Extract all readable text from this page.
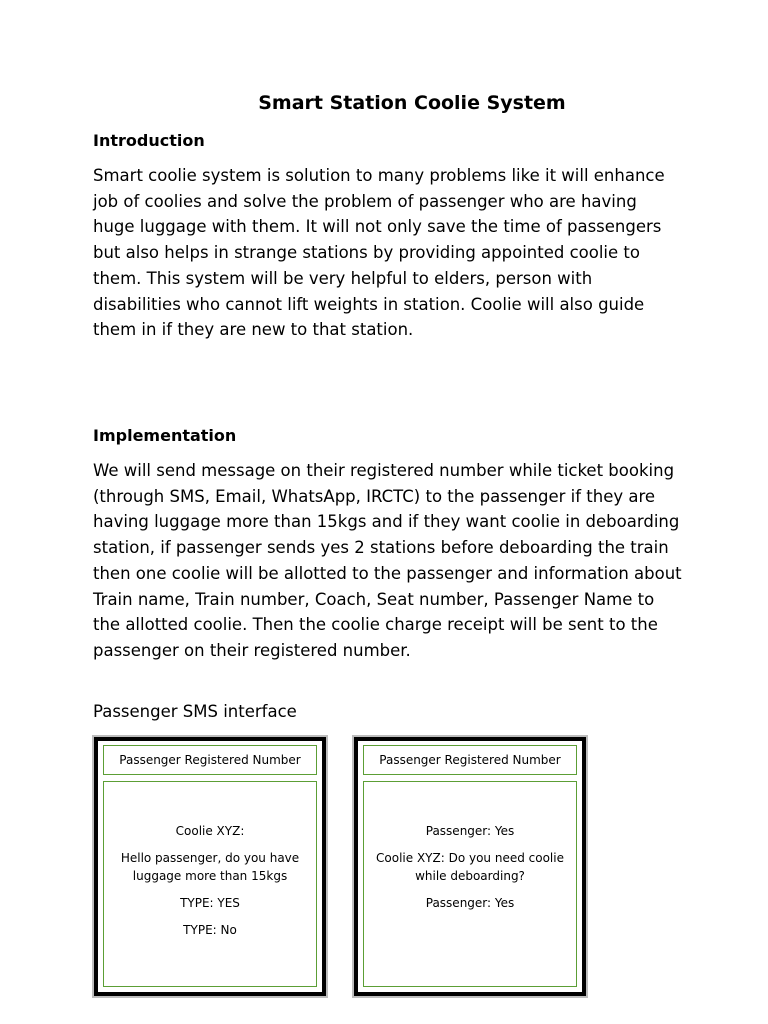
Smart Station Coolie System
Introduction

Smart coolie system is solution to many problems like it will enhance job of coolies and solve the problem of passenger who are having huge luggage with them. It will not only save the time of passengers but also helps in strange stations by providing appointed coolie to them. This system will be very helpful to elders, person with disabilities who cannot lift weights in station. Coolie will also guide them in if they are new to that station.

Implementation

We will send message on their registered number while ticket booking (through SMS, Email, WhatsApp, IRCTC) to the passenger if they are having luggage more than 15kgs and if they want coolie in deboarding station, if passenger sends yes 2 stations before deboarding the train then one coolie will be allotted to the passenger and information about Train name, Train number, Coach, Seat number, Passenger Name to the allotted coolie. Then the coolie charge receipt will be sent to the passenger on their registered number.

Passenger SMS interface

Passenger Registered Number

Coolie XYZ:

Hello passenger, do you have luggage more than 15kgs

TYPE: YES

TYPE: No

Passenger Registered Number

Passenger: Yes

Coolie XYZ: Do you need coolie while deboarding?

Passenger: Yes
